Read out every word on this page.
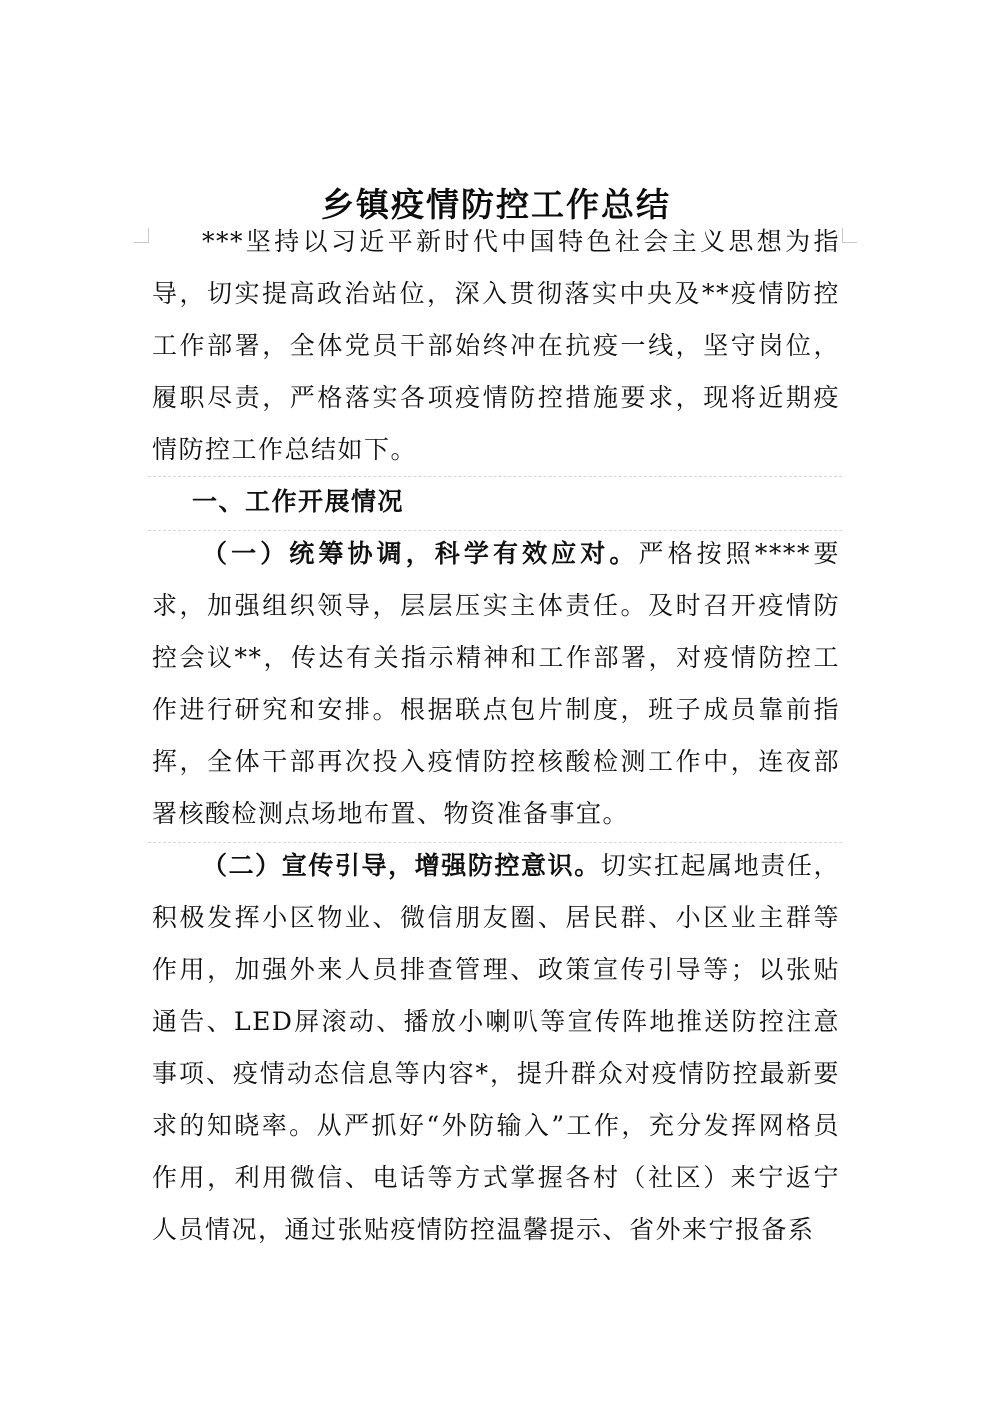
乡镇疫情防控工作总结

***坚持以习近平新时代中国特色社会主义思想为指导，切实提高政治站位，深入贯彻落实中央及**疫情防控工作部署，全体党员干部始终冲在抗疫一线，坚守岗位，履职尽责，严格落实各项疫情防控措施要求，现将近期疫情防控工作总结如下。

一、工作开展情况

（一）统筹协调，科学有效应对。严格按照****要求，加强组织领导，层层压实主体责任。及时召开疫情防控会议**，传达有关指示精神和工作部署，对疫情防控工作进行研究和安排。根据联点包片制度，班子成员靠前指挥，全体干部再次投入疫情防控核酸检测工作中，连夜部署核酸检测点场地布置、物资准备事宜。

（二）宣传引导，增强防控意识。切实扛起属地责任，积极发挥小区物业、微信朋友圈、居民群、小区业主群等作用，加强外来人员排查管理、政策宣传引导等；以张贴通告、LED屏滚动、播放小喇叭等宣传阵地推送防控注意事项、疫情动态信息等内容*，提升群众对疫情防控最新要求的知晓率。从严抓好“外防输入”工作，充分发挥网格员作用，利用微信、电话等方式掌握各村（社区）来宁返宁人员情况，通过张贴疫情防控温馨提示、省外来宁报备系
